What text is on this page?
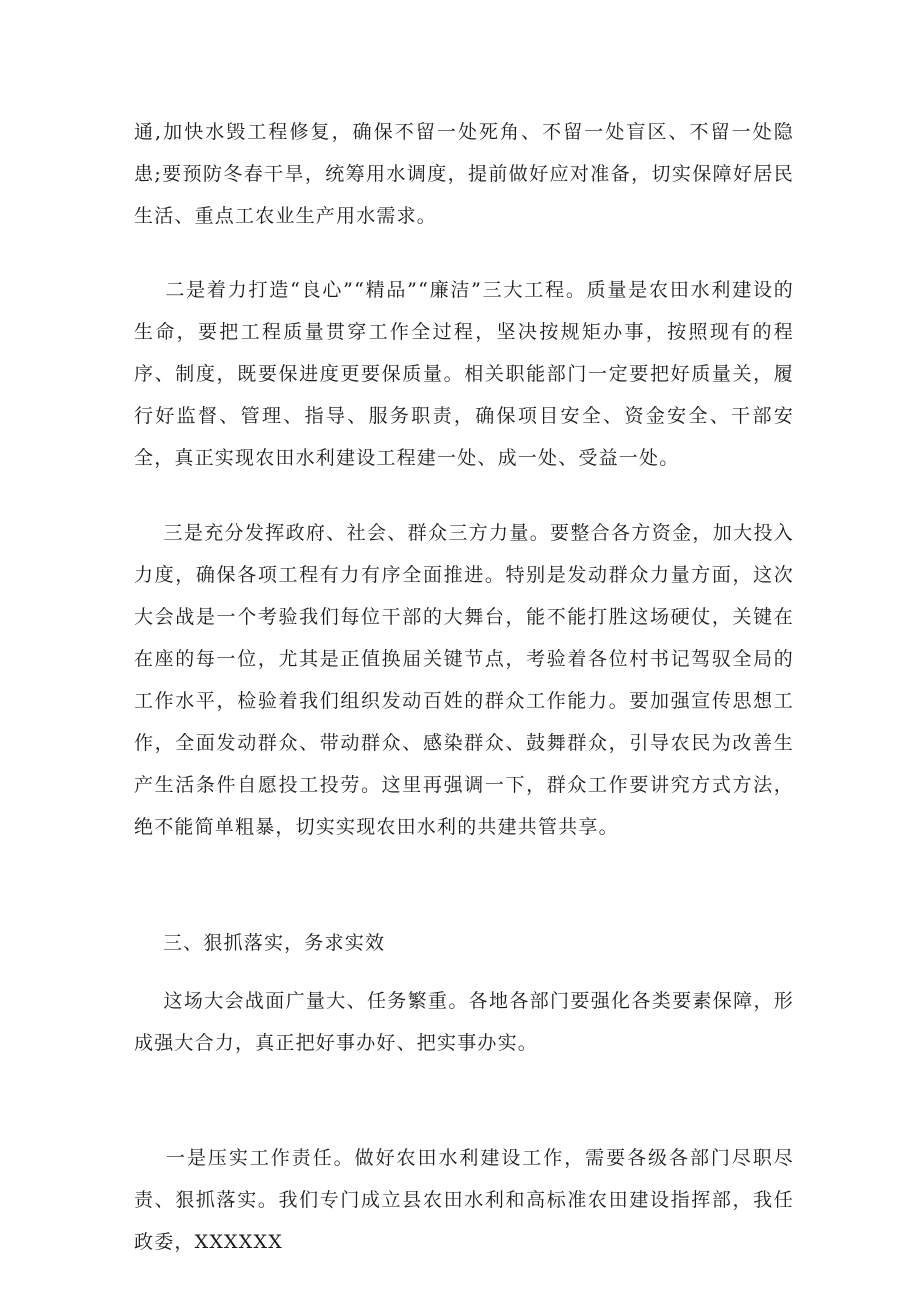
通,加快水毁工程修复，确保不留一处死角、不留一处盲区、不留一处隐患;要预防冬春干旱，统筹用水调度，提前做好应对准备，切实保障好居民生活、重点工农业生产用水需求。

二是着力打造“良心”“精品”“廉洁”三大工程。质量是农田水利建设的生命，要把工程质量贯穿工作全过程，坚决按规矩办事，按照现有的程序、制度，既要保进度更要保质量。相关职能部门一定要把好质量关，履行好监督、管理、指导、服务职责，确保项目安全、资金安全、干部安全，真正实现农田水利建设工程建一处、成一处、受益一处。

三是充分发挥政府、社会、群众三方力量。要整合各方资金，加大投入力度，确保各项工程有力有序全面推进。特别是发动群众力量方面，这次大会战是一个考验我们每位干部的大舞台，能不能打胜这场硬仗，关键在在座的每一位，尤其是正值换届关键节点，考验着各位村书记驾驭全局的工作水平，检验着我们组织发动百姓的群众工作能力。要加强宣传思想工作，全面发动群众、带动群众、感染群众、鼓舞群众，引导农民为改善生产生活条件自愿投工投劳。这里再强调一下，群众工作要讲究方式方法，绝不能简单粗暴，切实实现农田水利的共建共管共享。

三、狠抓落实，务求实效

这场大会战面广量大、任务繁重。各地各部门要强化各类要素保障，形成强大合力，真正把好事办好、把实事办实。

一是压实工作责任。做好农田水利建设工作，需要各级各部门尽职尽责、狠抓落实。我们专门成立县农田水利和高标准农田建设指挥部，我任政委，XXXXXX
